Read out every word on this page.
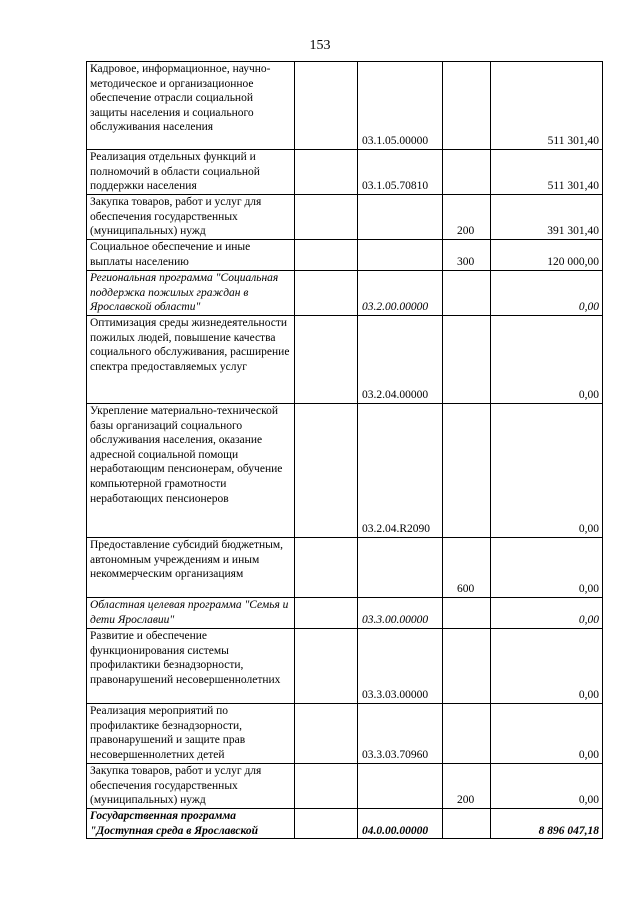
153
Кадровое, информационное, научно-методическое и организационное обеспечение отрасли социальной защиты населения и социального обслуживания населения		03.1.05.00000		511 301,40
Реализация отдельных функций и полномочий в области социальной поддержки населения		03.1.05.70810		511 301,40
Закупка товаров, работ и услуг для обеспечения государственных (муниципальных) нужд			200	391 301,40
Социальное обеспечение и иные выплаты населению			300	120 000,00
Региональная программа "Социальная поддержка пожилых граждан в Ярославской области"		03.2.00.00000		0,00
Оптимизация среды жизнедеятельности пожилых людей, повышение качества социального обслуживания, расширение спектра предоставляемых услуг		03.2.04.00000		0,00
Укрепление материально-технической базы организаций социального обслуживания населения, оказание адресной социальной помощи неработающим пенсионерам, обучение компьютерной грамотности неработающих пенсионеров		03.2.04.R2090		0,00
Предоставление субсидий бюджетным, автономным учреждениям и иным некоммерческим организациям			600	0,00
Областная целевая программа "Семья и дети Ярославии"		03.3.00.00000		0,00
Развитие и обеспечение функционирования системы профилактики безнадзорности, правонарушений несовершеннолетних		03.3.03.00000		0,00
Реализация мероприятий по профилактике безнадзорности, правонарушений и защите прав несовершеннолетних детей		03.3.03.70960		0,00
Закупка товаров, работ и услуг для обеспечения государственных (муниципальных) нужд			200	0,00
Государственная программа "Доступная среда в Ярославской		04.0.00.00000		8 896 047,18
